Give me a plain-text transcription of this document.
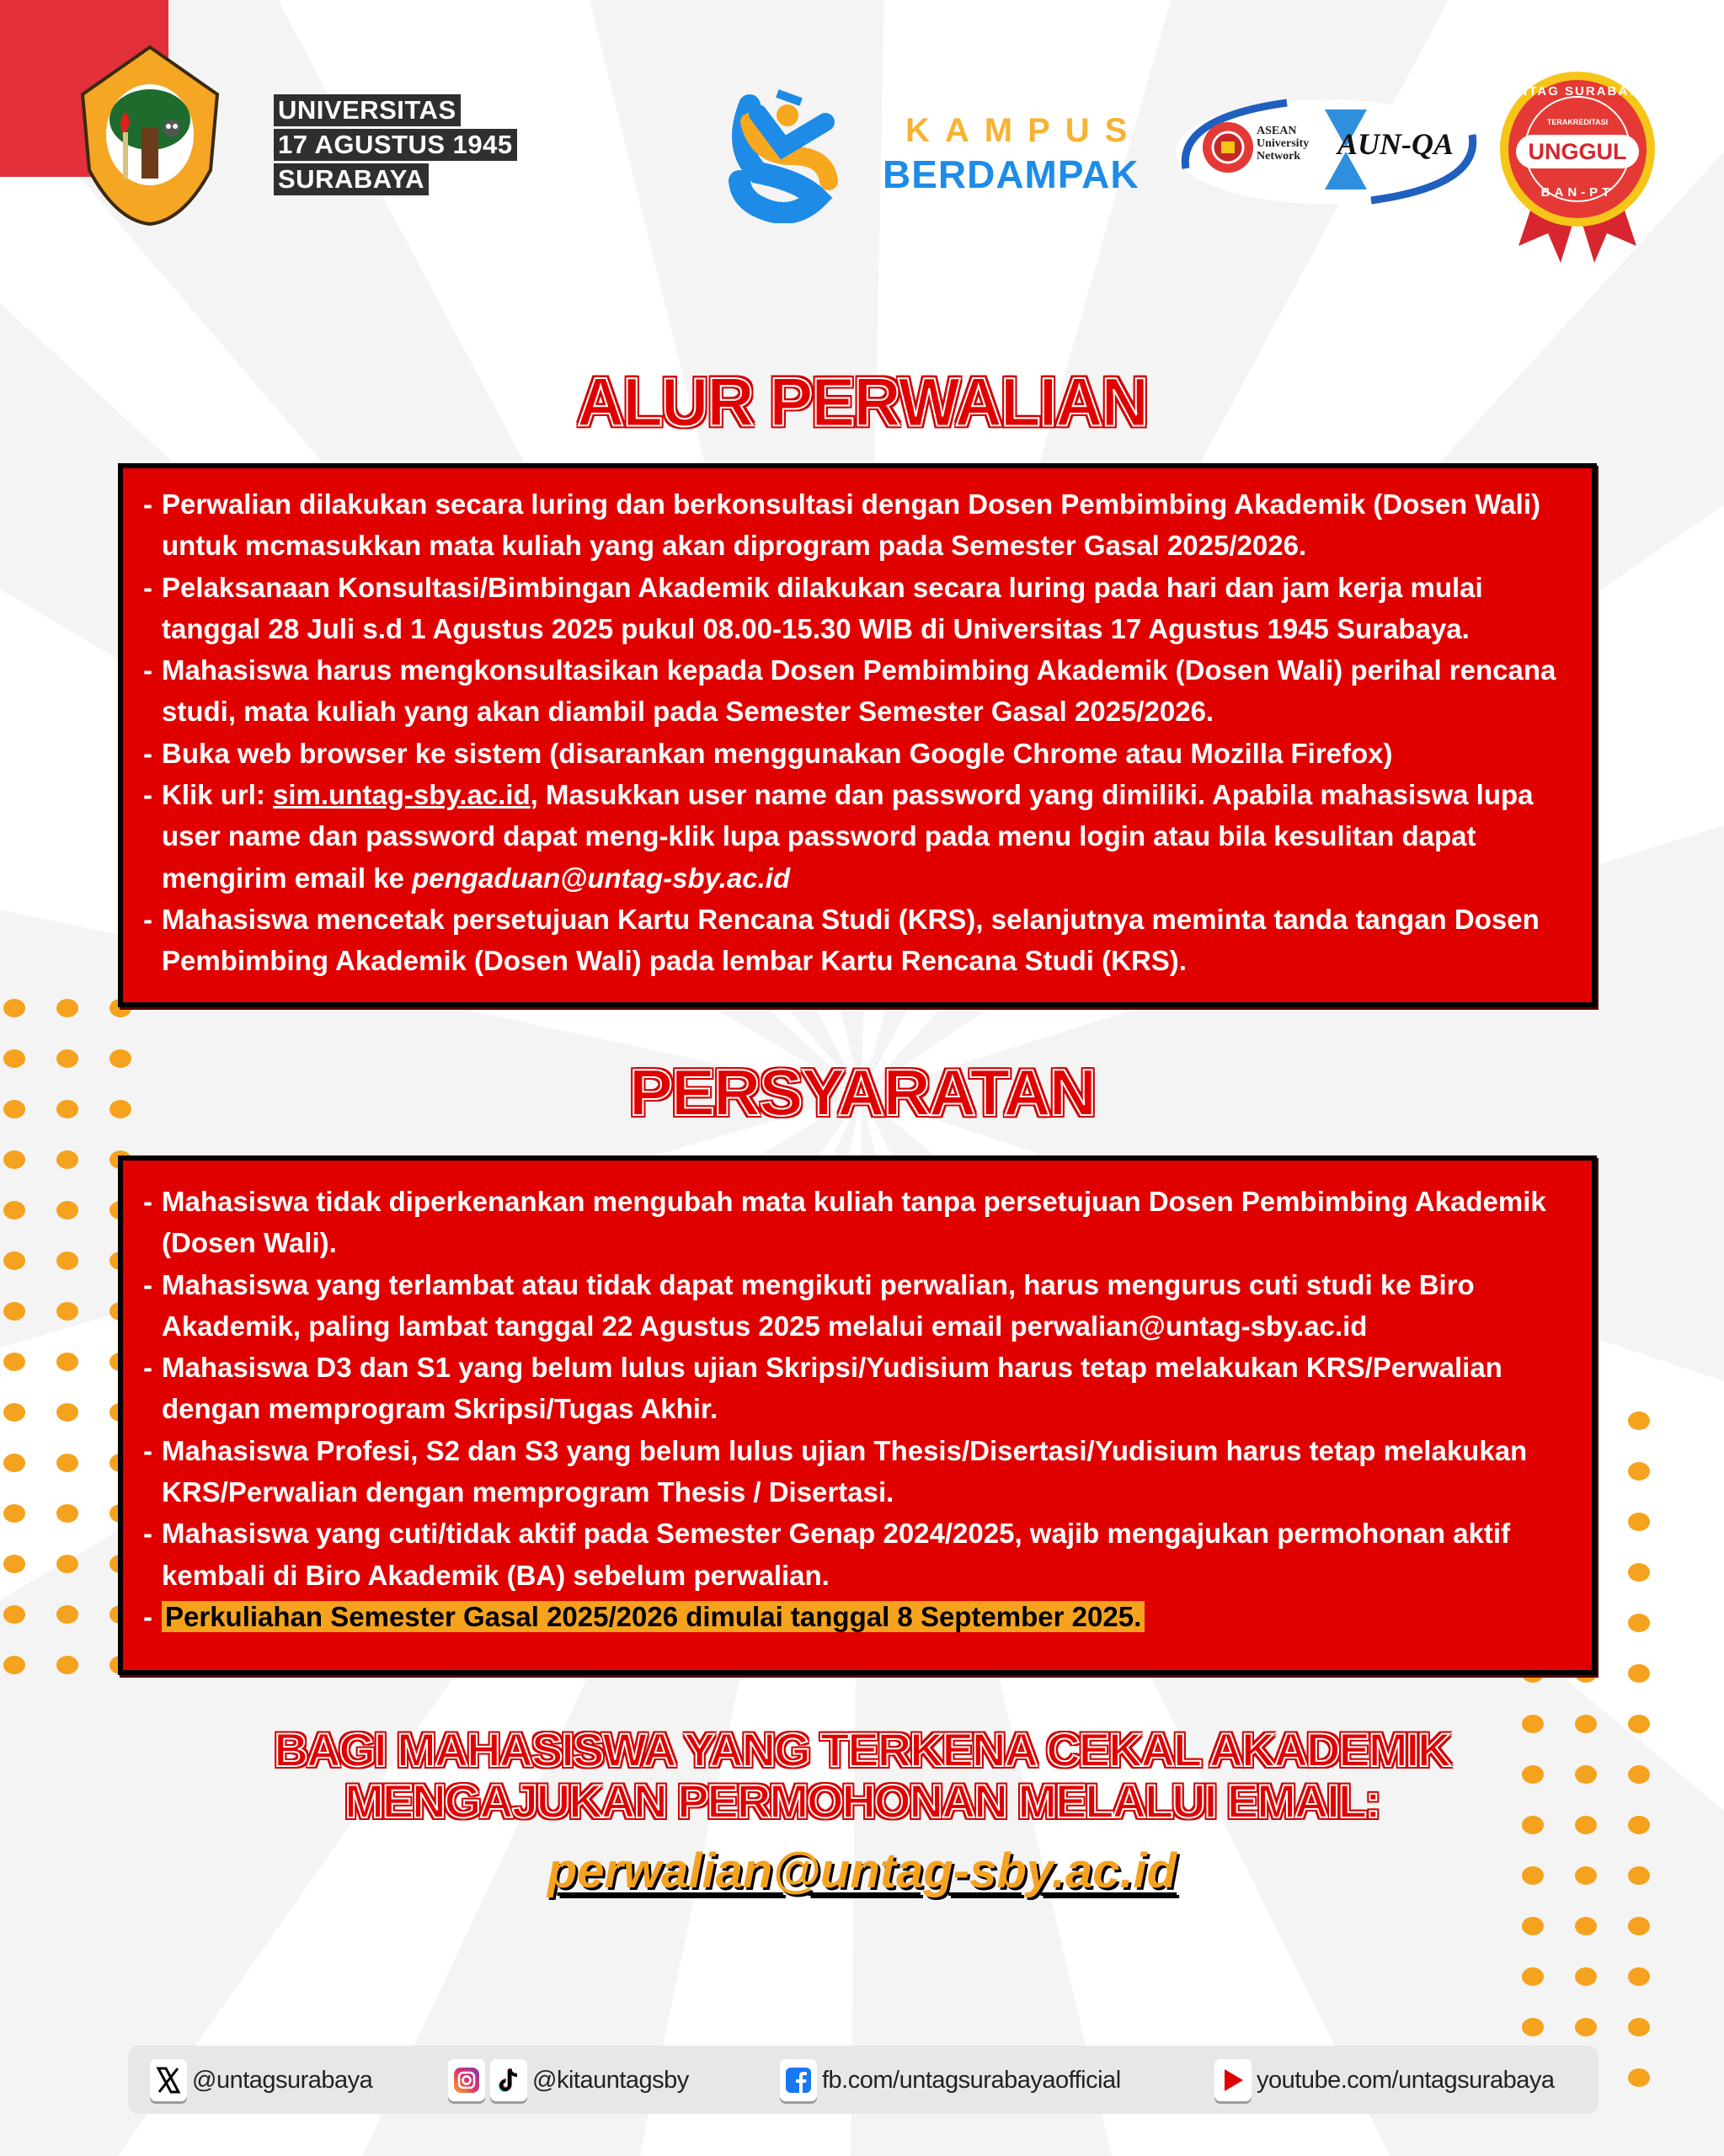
UNIVERSITAS
17 AGUSTUS 1945
SURABAYA
KAMPUS
BERDAMPAK
ASEAN
University
Network AUN-QA
UNTAG SURABAYA
TERAKREDITASI
UNGGUL
BAN-PT
ALUR PERWALIAN
- Perwalian dilakukan secara luring dan berkonsultasi dengan Dosen Pembimbing Akademik (Dosen Wali) untuk mcmasukkan mata kuliah yang akan diprogram pada Semester Gasal 2025/2026.
- Pelaksanaan Konsultasi/Bimbingan Akademik dilakukan secara luring pada hari dan jam kerja mulai tanggal 28 Juli s.d 1 Agustus 2025 pukul 08.00-15.30 WIB di Universitas 17 Agustus 1945 Surabaya.
- Mahasiswa harus mengkonsultasikan kepada Dosen Pembimbing Akademik (Dosen Wali) perihal rencana studi, mata kuliah yang akan diambil pada Semester Semester Gasal 2025/2026.
- Buka web browser ke sistem (disarankan menggunakan Google Chrome atau Mozilla Firefox)
- Klik url: sim.untag-sby.ac.id, Masukkan user name dan password yang dimiliki. Apabila mahasiswa lupa user name dan password dapat meng-klik lupa password pada menu login atau bila kesulitan dapat mengirim email ke pengaduan@untag-sby.ac.id
- Mahasiswa mencetak persetujuan Kartu Rencana Studi (KRS), selanjutnya meminta tanda tangan Dosen Pembimbing Akademik (Dosen Wali) pada lembar Kartu Rencana Studi (KRS).
PERSYARATAN
- Mahasiswa tidak diperkenankan mengubah mata kuliah tanpa persetujuan Dosen Pembimbing Akademik (Dosen Wali).
- Mahasiswa yang terlambat atau tidak dapat mengikuti perwalian, harus mengurus cuti studi ke Biro Akademik, paling lambat tanggal 22 Agustus 2025 melalui email perwalian@untag-sby.ac.id
- Mahasiswa D3 dan S1 yang belum lulus ujian Skripsi/Yudisium harus tetap melakukan KRS/Perwalian dengan memprogram Skripsi/Tugas Akhir.
- Mahasiswa Profesi, S2 dan S3 yang belum lulus ujian Thesis/Disertasi/Yudisium harus tetap melakukan KRS/Perwalian dengan memprogram Thesis / Disertasi.
- Mahasiswa yang cuti/tidak aktif pada Semester Genap 2024/2025, wajib mengajukan permohonan aktif kembali di Biro Akademik (BA) sebelum perwalian.
- Perkuliahan Semester Gasal 2025/2026 dimulai tanggal 8 September 2025.
BAGI MAHASISWA YANG TERKENA CEKAL AKADEMIK
MENGAJUKAN PERMOHONAN MELALUI EMAIL:
perwalian@untag-sby.ac.id
@untagsurabaya	@kitauntagsby	fb.com/untagsurabayaofficial	youtube.com/untagsurabaya
